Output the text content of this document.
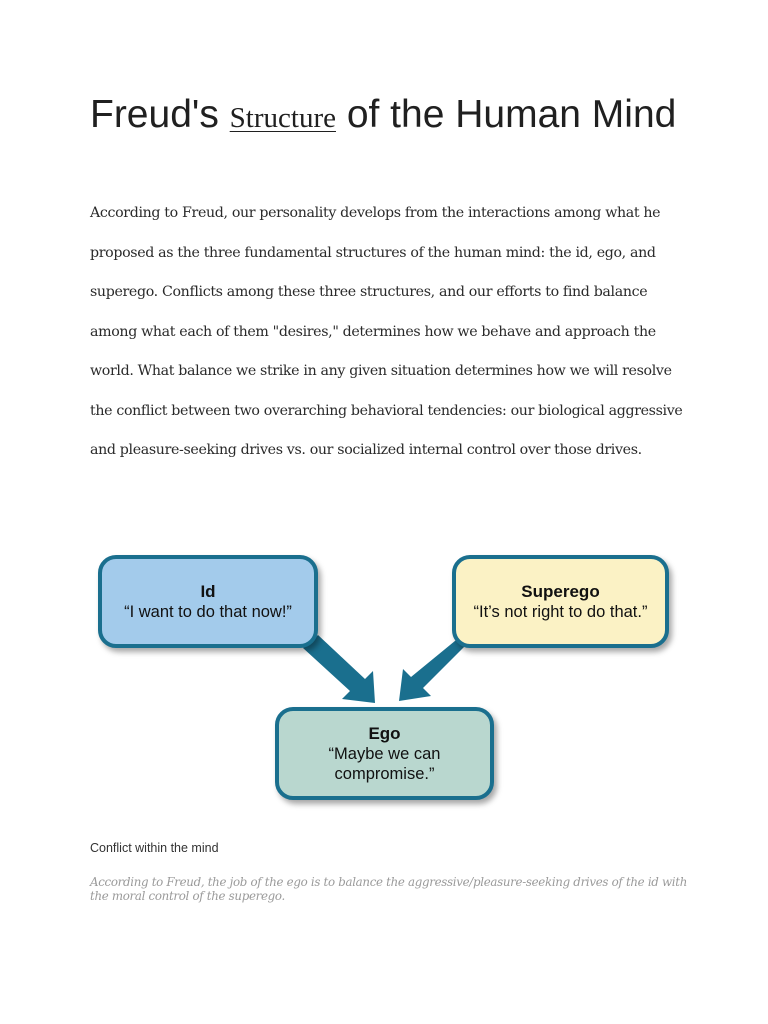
Freud's Structure of the Human Mind

According to Freud, our personality develops from the interactions among what he proposed as the three fundamental structures of the human mind: the id, ego, and superego. Conflicts among these three structures, and our efforts to find balance among what each of them "desires," determines how we behave and approach the world. What balance we strike in any given situation determines how we will resolve the conflict between two overarching behavioral tendencies: our biological aggressive and pleasure-seeking drives vs. our socialized internal control over those drives.

Id
“I want to do that now!”
Superego
“It’s not right to do that.”
Ego
“Maybe we can compromise.”

Conflict within the mind

According to Freud, the job of the ego is to balance the aggressive/pleasure-seeking drives of the id with the moral control of the superego.
